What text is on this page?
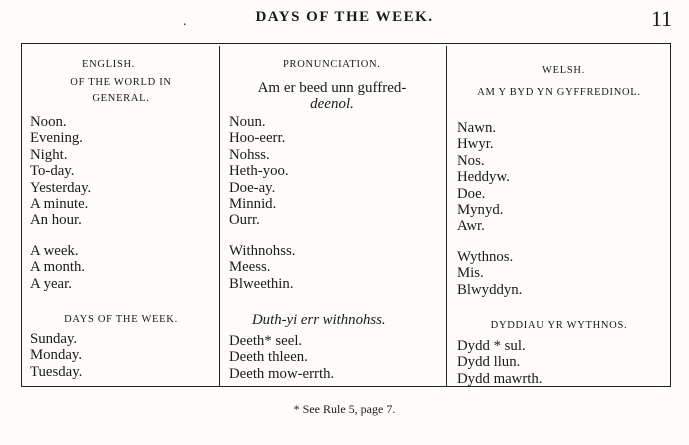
.	DAYS OF THE WEEK.	11
ENGLISH.
OF THE WORLD IN
GENERAL.
Noon.
Evening.
Night.
To-day.
Yesterday.
A minute.
An hour.
A week.
A month.
A year.
DAYS OF THE WEEK.
Sunday.
Monday.
Tuesday.
PRONUNCIATION.
Am er beed unn guffred-
deenol.
Noun.
Hoo-eerr.
Nohss.
Heth-yoo.
Doe-ay.
Minnid.
Ourr.
Withnohss.
Meess.
Blweethin.
Duth-yi err withnohss.
Deeth* seel.
Deeth thleen.
Deeth mow-errth.
WELSH.
AM Y BYD YN GYFFREDINOL.
Nawn.
Hwyr.
Nos.
Heddyw.
Doe.
Mynyd.
Awr.
Wythnos.
Mis.
Blwyddyn.
DYDDIAU YR WYTHNOS.
Dydd * sul.
Dydd llun.
Dydd mawrth.
* See Rule 5, page 7.
